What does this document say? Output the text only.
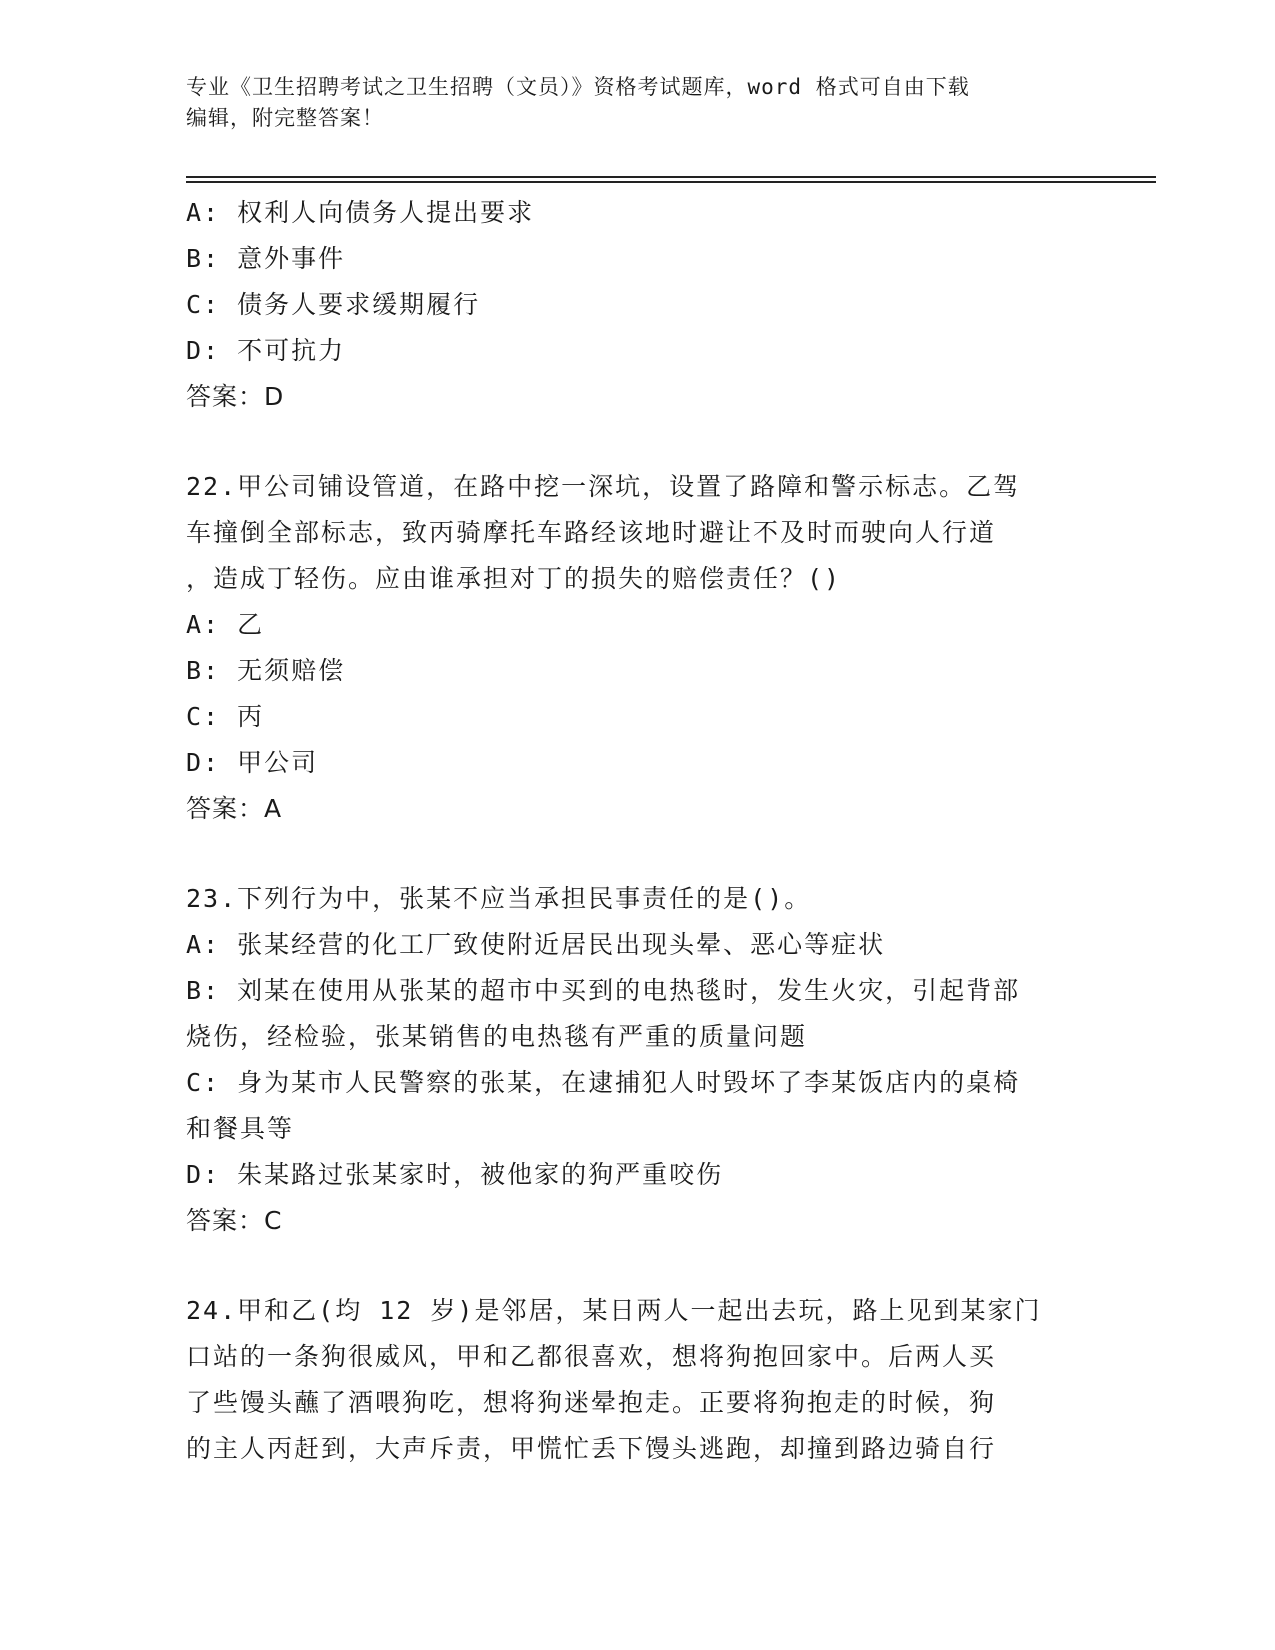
专业《卫生招聘考试之卫生招聘（文员）》资格考试题库，word 格式可自由下载
编辑，附完整答案！
A: 权利人向债务人提出要求
B: 意外事件
C: 债务人要求缓期履行
D: 不可抗力
答案：D
22.甲公司铺设管道，在路中挖一深坑，设置了路障和警示标志。乙驾
车撞倒全部标志，致丙骑摩托车路经该地时避让不及时而驶向人行道
，造成丁轻伤。应由谁承担对丁的损失的赔偿责任？()
A: 乙
B: 无须赔偿
C: 丙
D: 甲公司
答案：A
23.下列行为中，张某不应当承担民事责任的是()。
A: 张某经营的化工厂致使附近居民出现头晕、恶心等症状
B: 刘某在使用从张某的超市中买到的电热毯时，发生火灾，引起背部
烧伤，经检验，张某销售的电热毯有严重的质量问题
C: 身为某市人民警察的张某，在逮捕犯人时毁坏了李某饭店内的桌椅
和餐具等
D: 朱某路过张某家时，被他家的狗严重咬伤
答案：C
24.甲和乙(均 12 岁)是邻居，某日两人一起出去玩，路上见到某家门
口站的一条狗很威风，甲和乙都很喜欢，想将狗抱回家中。后两人买
了些馒头蘸了酒喂狗吃，想将狗迷晕抱走。正要将狗抱走的时候，狗
的主人丙赶到，大声斥责，甲慌忙丢下馒头逃跑，却撞到路边骑自行
